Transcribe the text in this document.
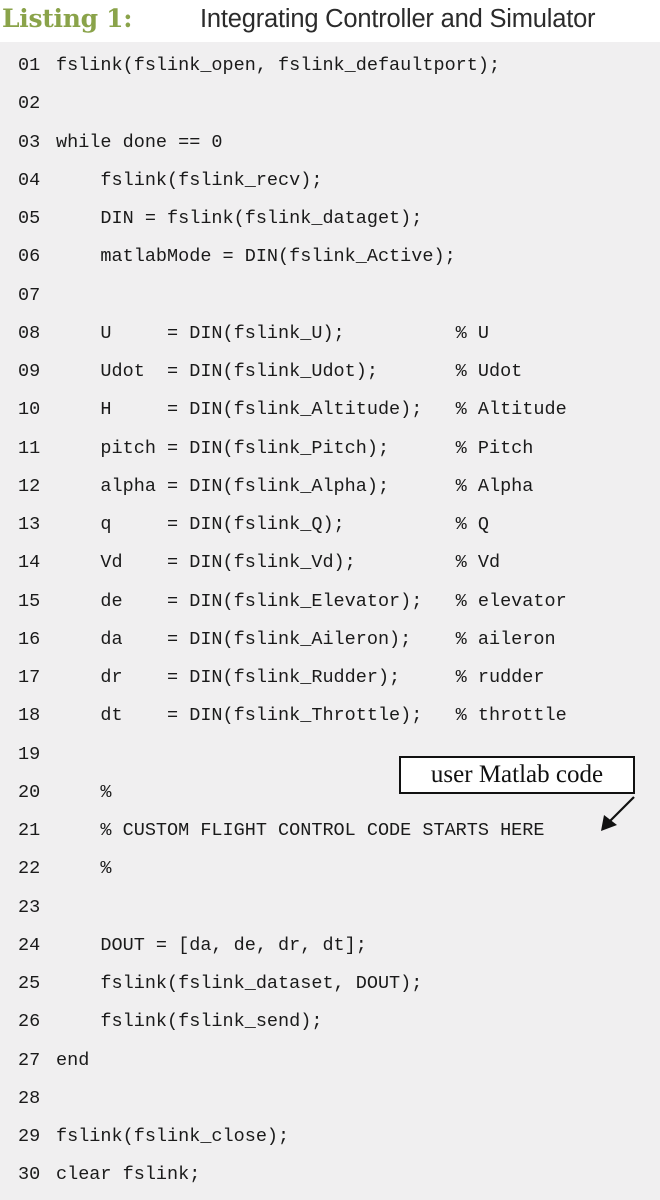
Listing 1:	Integrating Controller and Simulator
01 fslink(fslink_open, fslink_defaultport);
02
03 while done == 0
04 fslink(fslink_recv);
05 DIN = fslink(fslink_dataget);
06 matlabMode = DIN(fslink_Active);
07
08 U     = DIN(fslink_U);          % U
09 Udot  = DIN(fslink_Udot);       % Udot
10 H     = DIN(fslink_Altitude);   % Altitude
11 pitch = DIN(fslink_Pitch);      % Pitch
12 alpha = DIN(fslink_Alpha);      % Alpha
13 q     = DIN(fslink_Q);          % Q
14 Vd    = DIN(fslink_Vd);         % Vd
15 de    = DIN(fslink_Elevator);   % elevator
16 da    = DIN(fslink_Aileron);    % aileron
17 dr    = DIN(fslink_Rudder);     % rudder
18 dt    = DIN(fslink_Throttle);   % throttle
19
20 %
21 % CUSTOM FLIGHT CONTROL CODE STARTS HERE
22 %
23
24 DOUT = [da, de, dr, dt];
25 fslink(fslink_dataset, DOUT);
26 fslink(fslink_send);
27 end
28
29 fslink(fslink_close);
30 clear fslink;
user Matlab code
